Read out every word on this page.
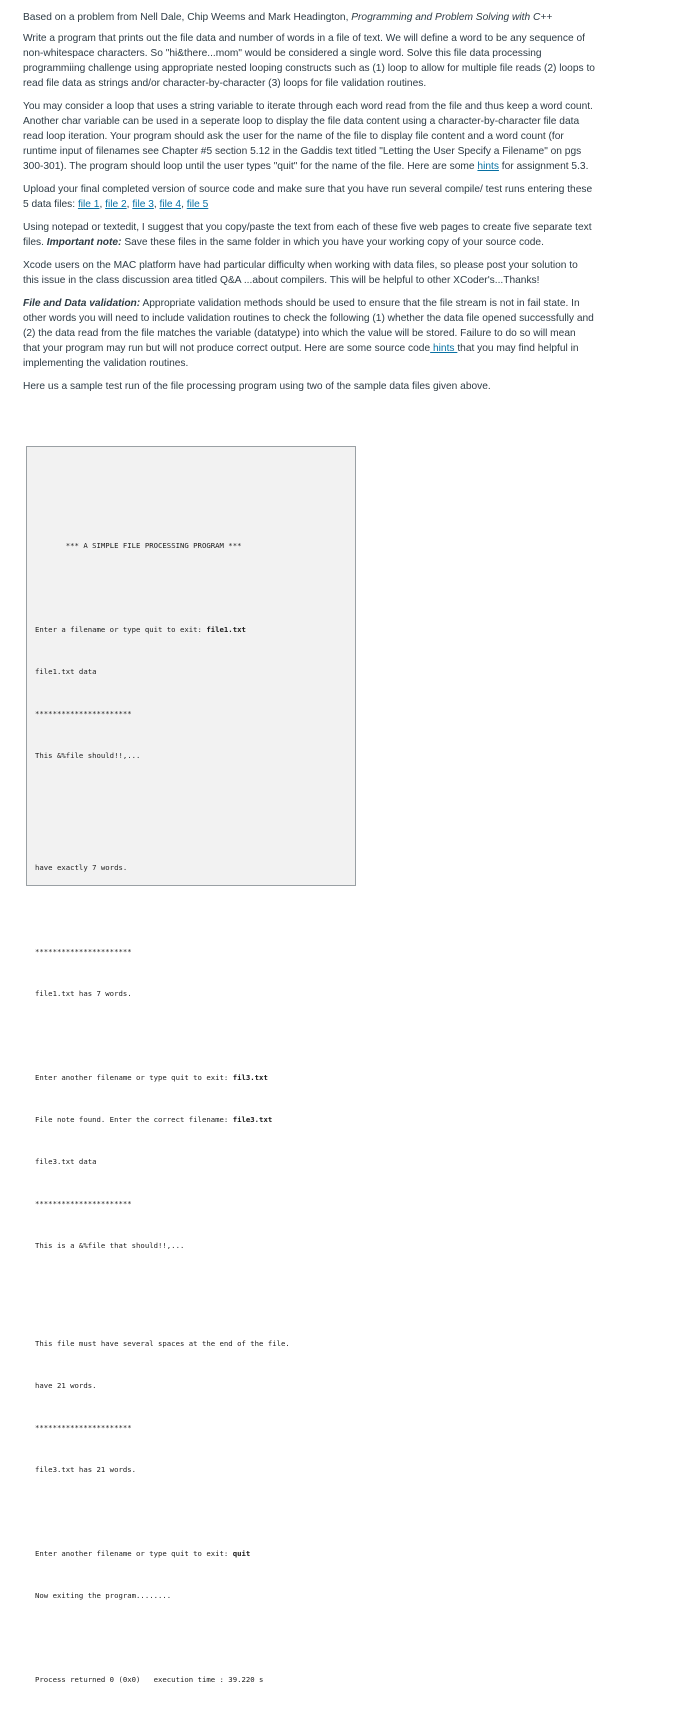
Based on a problem from Nell Dale, Chip Weems and Mark Headington, Programming and Problem Solving with C++

Write a program that prints out the file data and number of words in a file of text. We will define a word to be any sequence of non-whitespace characters. So "hi&there...mom" would be considered a single word. Solve this file data processing programmiing challenge using appropriate nested looping constructs such as (1) loop to allow for multiple file reads (2) loops to read file data as strings and/or character-by-character (3) loops for file validation routines.

You may consider a loop that uses a string variable to iterate through each word read from the file and thus keep a word count. Another char variable can be used in a seperate loop to display the file data content using a character-by-character file data read loop iteration. Your program should ask the user for the name of the file to display file content and a word count (for runtime input of filenames see Chapter #5 section 5.12 in the Gaddis text titled "Letting the User Specify a Filename" on pgs 300-301). The program should loop until the user types "quit" for the name of the file. Here are some hints for assignment 5.3.

Upload your final completed version of source code and make sure that you have run several compile/ test runs entering these 5 data files: file 1, file 2, file 3, file 4, file 5

Using notepad or textedit, I suggest that you copy/paste the text from each of these five web pages to create five separate text files. Important note: Save these files in the same folder in which you have your working copy of your source code.

Xcode users on the MAC platform have had particular difficulty when working with data files, so please post your solution to this issue in the class discussion area titled Q&A ...about compilers. This will be helpful to other XCoder's...Thanks!

File and Data validation: Appropriate validation methods should be used to ensure that the file stream is not in fail state. In other words you will need to include validation routines to check the following (1) whether the data file opened successfully and (2) the data read from the file matches the variable (datatype) into which the value will be stored. Failure to do so will mean that your program may run but will not produce correct output. Here are some source code hints that you may find helpful in implementing the validation routines.

Here us a sample test run of the file processing program using two of the sample data files given above.

*** A SIMPLE FILE PROCESSING PROGRAM ***

Enter a filename or type quit to exit: file1.txt

file1.txt data

**********************

This &%file should!!,...

have exactly 7 words.

**********************

file1.txt has 7 words.

Enter another filename or type quit to exit: fil3.txt

File note found. Enter the correct filename: file3.txt

file3.txt data

**********************

This is a &%file that should!!,...

This file must have several spaces at the end of the file.

have 21 words.

**********************

file3.txt has 21 words.

Enter another filename or type quit to exit: quit

Now exiting the program........

Process returned 0 (0x0)   execution time : 39.220 s
